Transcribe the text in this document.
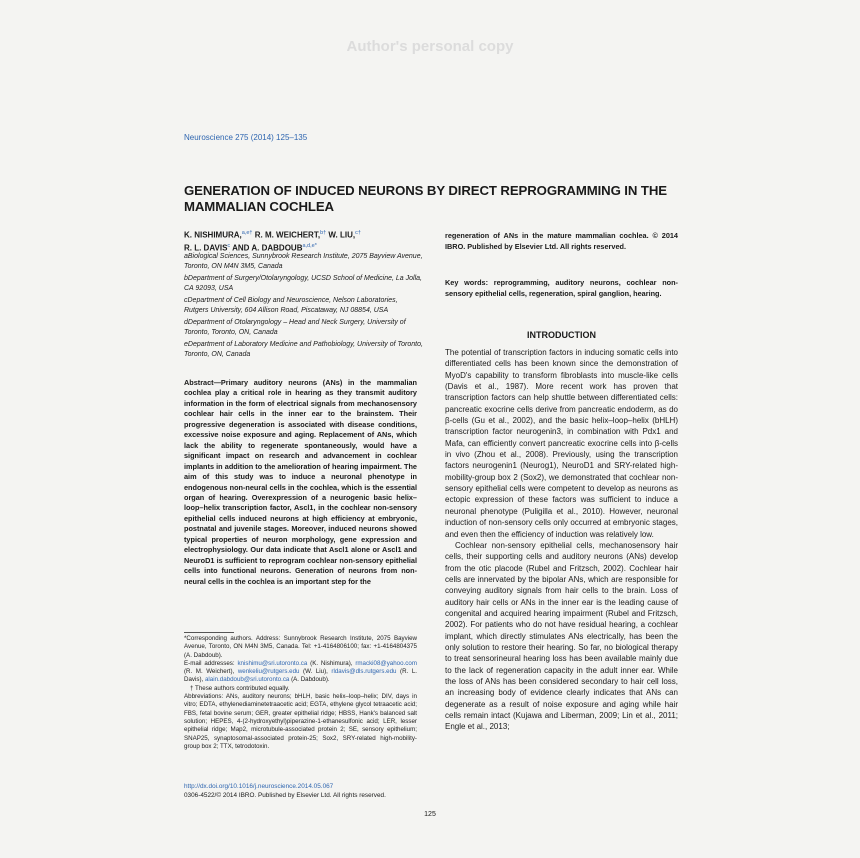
Author's personal copy
Neuroscience 275 (2014) 125–135
GENERATION OF INDUCED NEURONS BY DIRECT REPROGRAMMING IN THE MAMMALIAN COCHLEA
K. NISHIMURA,$^{a,e\dagger}$ R. M. WEICHERT,$^{b\dagger}$ W. LIU,$^{c\dagger}$
R. L. DAVIS$^c$ AND A. $DABDOUB^{a,d,e*}$
aBiological Sciences, Sunnybrook Research Institute, 2075 Bayview Avenue, Toronto, ON M4N 3M5, Canada
bDepartment of Surgery/Otolaryngology, UCSD School of Medicine, La Jolla, CA 92093, USA
cDepartment of Cell Biology and Neuroscience, Nelson Laboratories, Rutgers University, 604 Allison Road, Piscataway, NJ 08854, USA
dDepartment of Otolaryngology – Head and Neck Surgery, University of Toronto, Toronto, ON, Canada
eDepartment of Laboratory Medicine and Pathobiology, University of Toronto, Toronto, ON, Canada
Abstract—Primary auditory neurons (ANs) in the mammalian cochlea play a critical role in hearing as they transmit auditory information in the form of electrical signals from mechanosensory cochlear hair cells in the inner ear to the brainstem. Their progressive degeneration is associated with disease conditions, excessive noise exposure and aging. Replacement of ANs, which lack the ability to regenerate spontaneously, would have a significant impact on research and advancement in cochlear implants in addition to the amelioration of hearing impairment. The aim of this study was to induce a neuronal phenotype in endogenous non-neural cells in the cochlea, which is the essential organ of hearing. Overexpression of a neurogenic basic helix–loop–helix transcription factor, Ascl1, in the cochlear non-sensory epithelial cells induced neurons at high efficiency at embryonic, postnatal and juvenile stages. Moreover, induced neurons showed typical properties of neuron morphology, gene expression and electrophysiology. Our data indicate that Ascl1 alone or Ascl1 and NeuroD1 is sufficient to reprogram cochlear non-sensory epithelial cells into functional neurons. Generation of neurons from non-neural cells in the cochlea is an important step for the

*Corresponding authors. Address: Sunnybrook Research Institute, 2075 Bayview Avenue, Toronto, ON M4N 3M5, Canada. Tel: +1-4164806100; fax: +1-4164804375 (A. Dabdoub).

E-mail addresses: knishimu@sri.utoronto.ca (K. Nishimura), rmacki08@yahoo.com (R. M. Weichert), wenkeliu@rutgers.edu (W. Liu), rldavis@dls.rutgers.edu (R. L. Davis), alain.dabdoub@sri.utoronto.ca (A. Dabdoub).

† These authors contributed equally.

Abbreviations: ANs, auditory neurons; bHLH, basic helix–loop–helix; DIV, days in vitro; EDTA, ethylenediaminetetraacetic acid; EGTA, ethylene glycol tetraacetic acid; FBS, fetal bovine serum; GER, greater epithelial ridge; HBSS, Hank's balanced salt solution; HEPES, 4-(2-hydroxyethyl)piperazine-1-ethanesulfonic acid; LER, lesser epithelial ridge; Map2, microtubule-associated protein 2; SE, sensory epithelium; SNAP25, synaptosomal-associated protein-25; Sox2, SRY-related high-mobility-group box 2; TTX, tetrodotoxin.

http://dx.doi.org/10.1016/j.neuroscience.2014.05.067
0306-4522/© 2014 IBRO. Published by Elsevier Ltd. All rights reserved.
125
regeneration of ANs in the mature mammalian cochlea. © 2014 IBRO. Published by Elsevier Ltd. All rights reserved.
Key words: reprogramming, auditory neurons, cochlear non-sensory epithelial cells, regeneration, spiral ganglion, hearing.
INTRODUCTION

The potential of transcription factors in inducing somatic cells into differentiated cells has been known since the demonstration of MyoD's capability to transform fibroblasts into muscle-like cells (Davis et al., 1987). More recent work has proven that transcription factors can help shuttle between differentiated cells: pancreatic exocrine cells derive from pancreatic endoderm, as do β-cells (Gu et al., 2002), and the basic helix–loop–helix (bHLH) transcription factor neurogenin3, in combination with Pdx1 and Mafa, can efficiently convert pancreatic exocrine cells into β-cells in vivo (Zhou et al., 2008). Previously, using the transcription factors neurogenin1 (Neurog1), NeuroD1 and SRY-related high-mobility-group box 2 (Sox2), we demonstrated that cochlear non-sensory epithelial cells were competent to develop as neurons as ectopic expression of these factors was sufficient to induce a neuronal phenotype (Puligilla et al., 2010). However, neuronal induction of non-sensory cells only occurred at embryonic stages, and even then the efficiency of induction was relatively low.

Cochlear non-sensory epithelial cells, mechanosensory hair cells, their supporting cells and auditory neurons (ANs) develop from the otic placode (Rubel and Fritzsch, 2002). Cochlear hair cells are innervated by the bipolar ANs, which are responsible for conveying auditory signals from hair cells to the brain. Loss of auditory hair cells or ANs in the inner ear is the leading cause of congenital and acquired hearing impairment (Rubel and Fritzsch, 2002). For patients who do not have residual hearing, a cochlear implant, which directly stimulates ANs electrically, has been the only solution to restore their hearing. So far, no biological therapy to treat sensorineural hearing loss has been available mainly due to the lack of regeneration capacity in the adult inner ear. While the loss of ANs has been considered secondary to hair cell loss, an increasing body of evidence clearly indicates that ANs can degenerate as a result of noise exposure and aging while hair cells remain intact (Kujawa and Liberman, 2009; Lin et al., 2011; Engle et al., 2013;
